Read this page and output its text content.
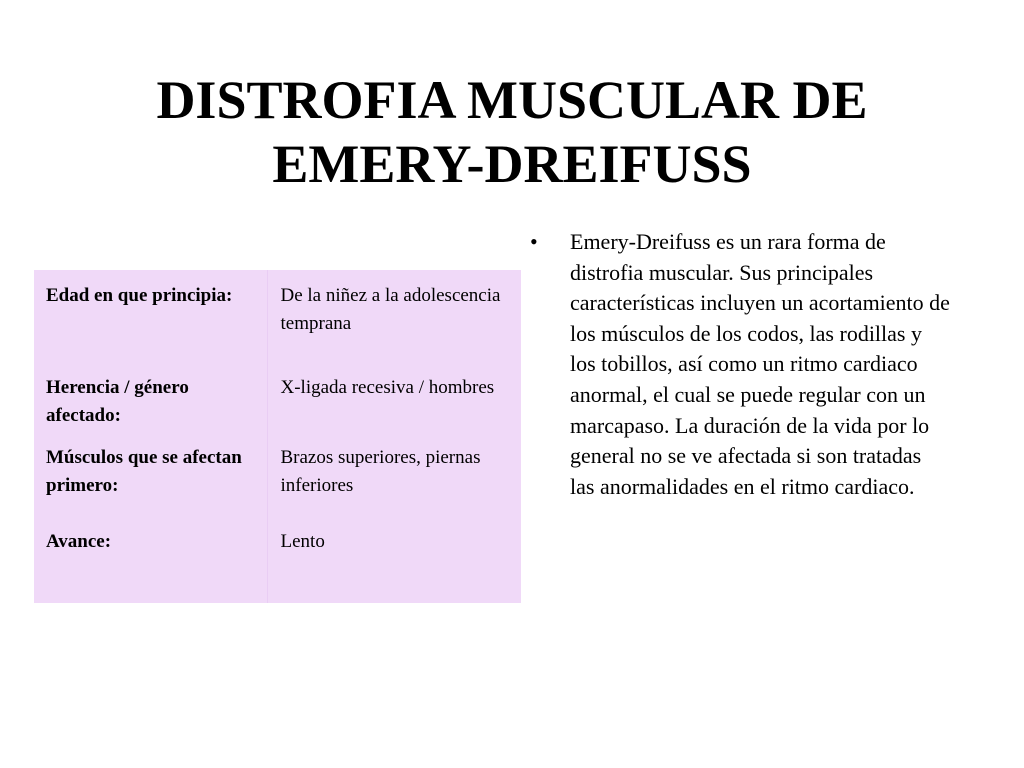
DISTROFIA MUSCULAR DE
EMERY-DREIFUSS
Edad en que principia:	De la niñez a la adolescencia temprana
Herencia / género afectado:	X-ligada recesiva / hombres
Músculos que se afectan primero:	Brazos superiores, piernas inferiores
Avance:	Lento
•	Emery-Dreifuss es un rara forma de distrofia muscular. Sus principales características incluyen un acortamiento de los músculos de los codos, las rodillas y los tobillos, así como un ritmo cardiaco anormal, el cual se puede regular con un marcapaso. La duración de la vida por lo general no se ve afectada si son tratadas las anormalidades en el ritmo cardiaco.
